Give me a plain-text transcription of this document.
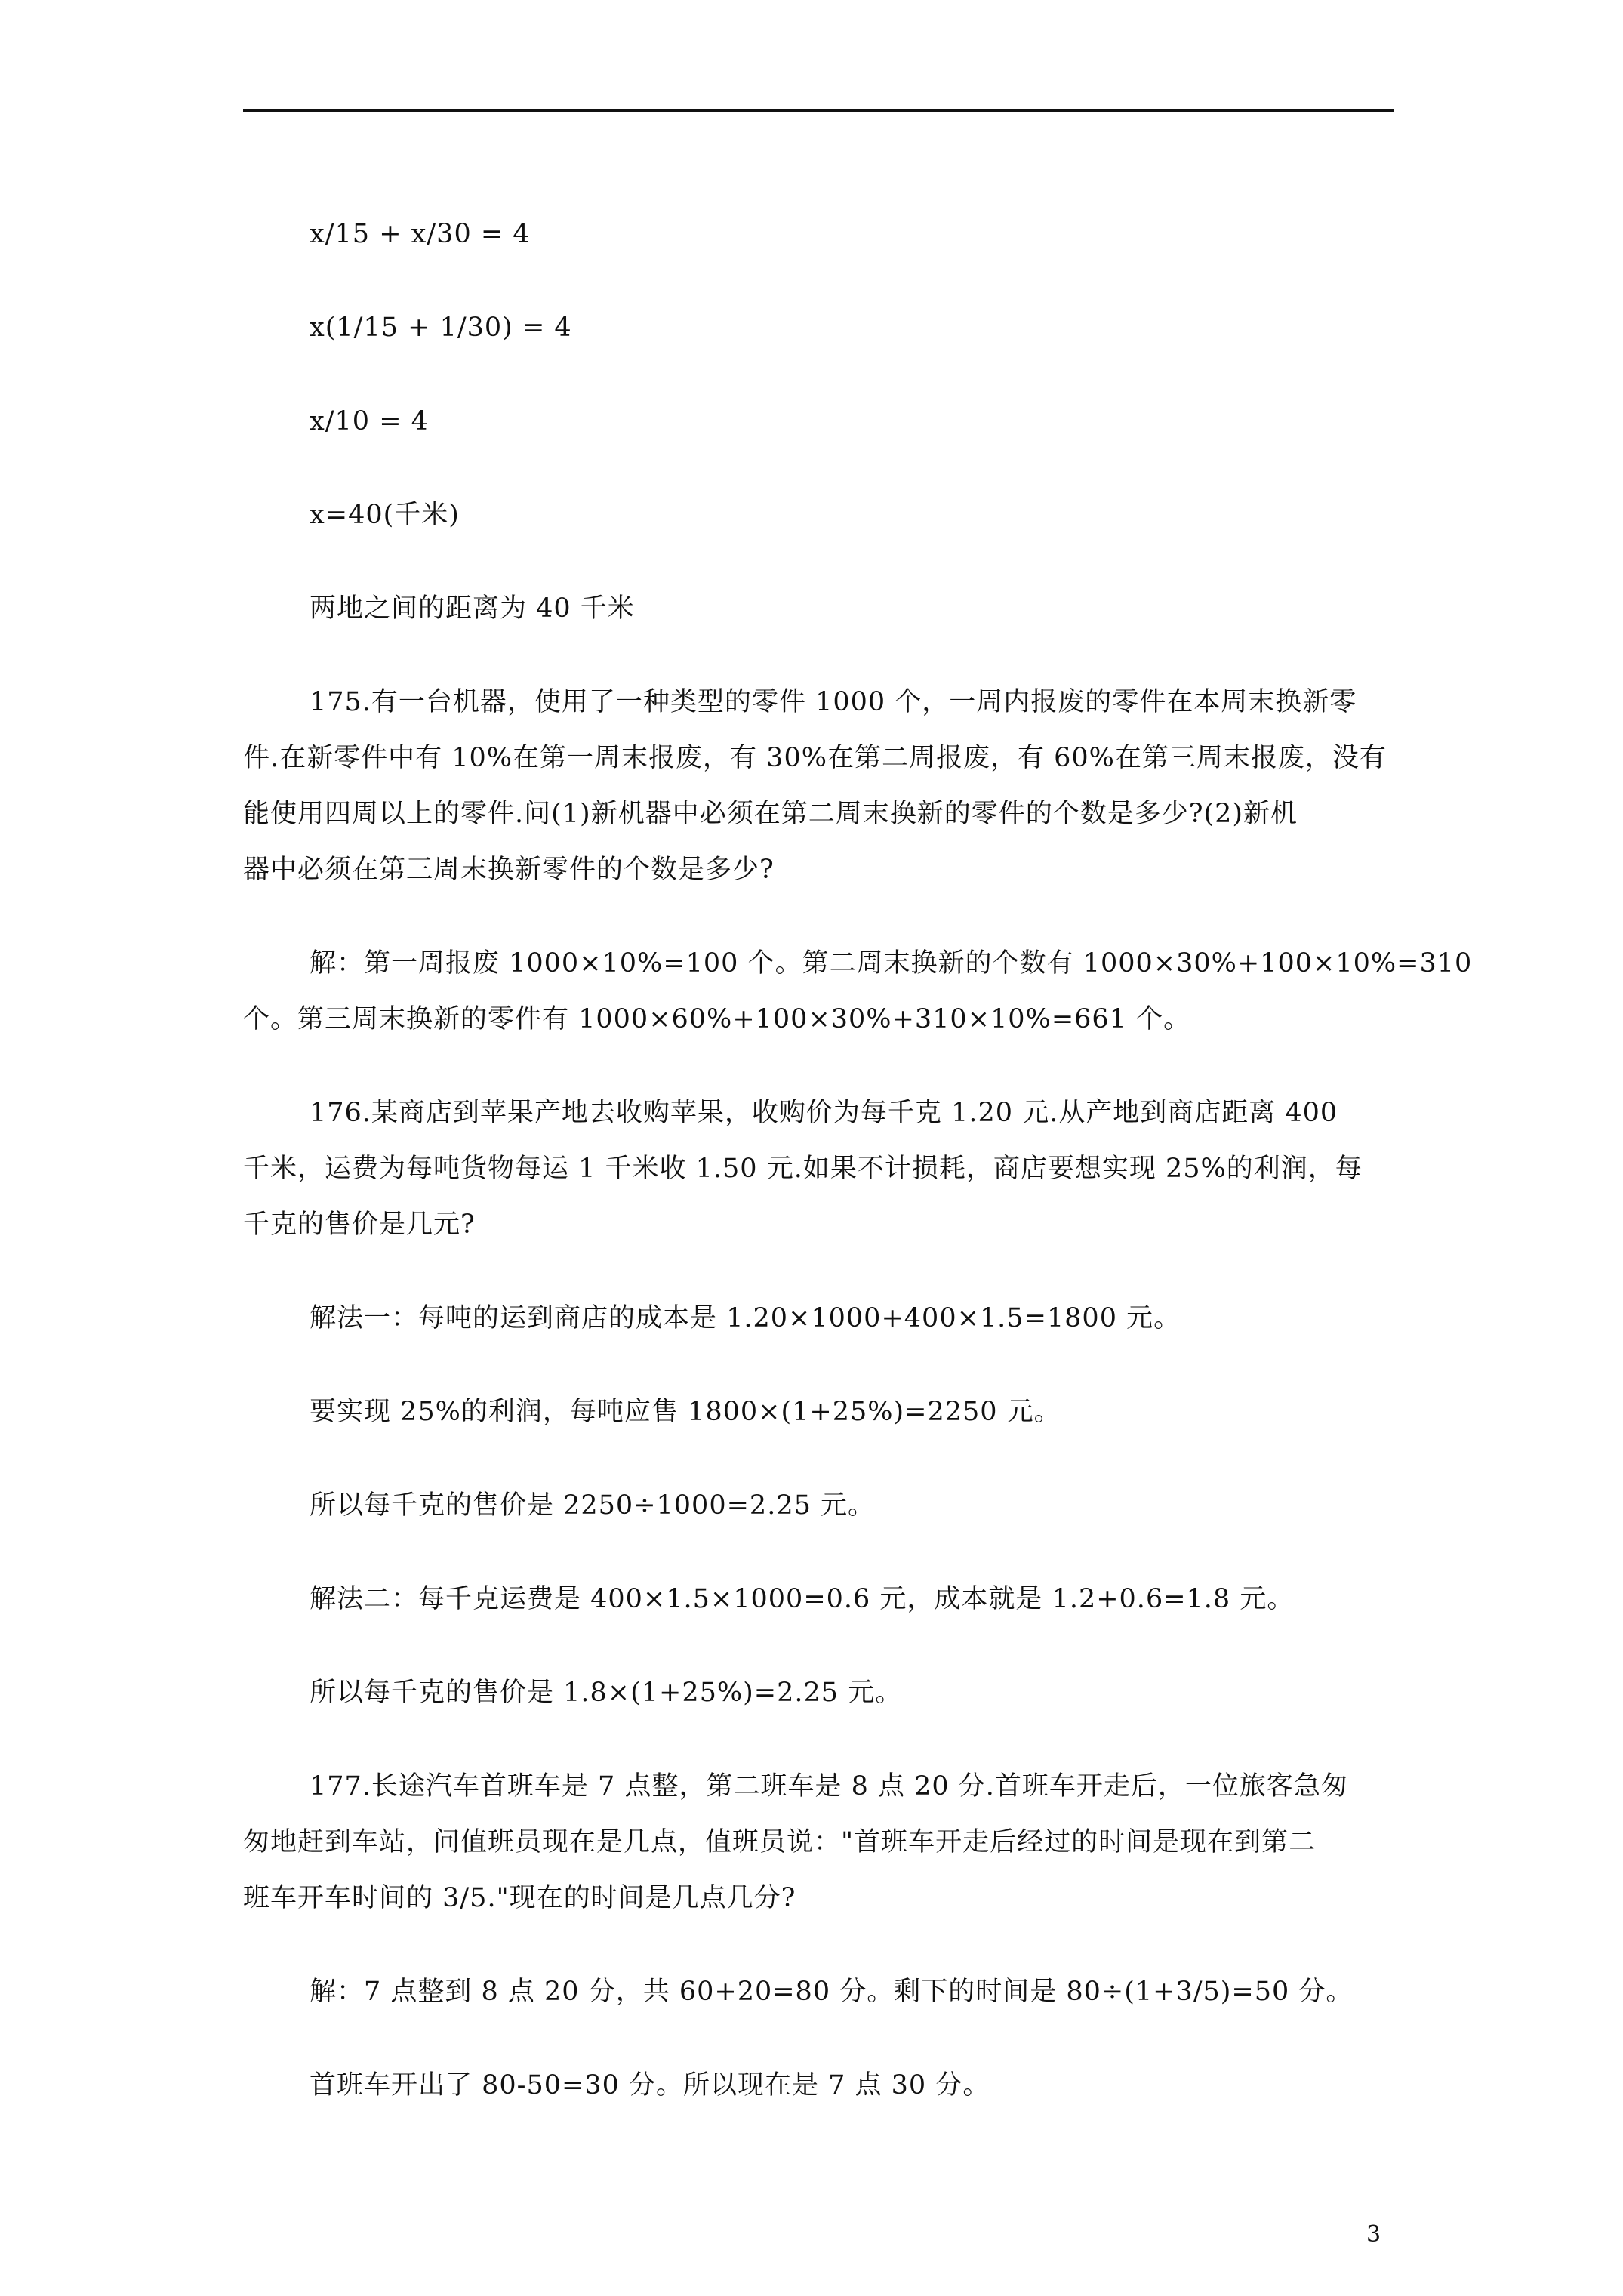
x/15 + x/30 = 4
x(1/15 + 1/30) = 4
x/10 = 4
x=40(千米)
两地之间的距离为 40 千米
175.有一台机器，使用了一种类型的零件 1000 个，一周内报废的零件在本周末换新零
件.在新零件中有 10%在第一周末报废，有 30%在第二周报废，有 60%在第三周末报废，没有
能使用四周以上的零件.问(1)新机器中必须在第二周末换新的零件的个数是多少?(2)新机
器中必须在第三周末换新零件的个数是多少?
解：第一周报废 1000×10%=100 个。第二周末换新的个数有 1000×30%+100×10%=310
个。第三周末换新的零件有 1000×60%+100×30%+310×10%=661 个。
176.某商店到苹果产地去收购苹果，收购价为每千克 1.20 元.从产地到商店距离 400
千米，运费为每吨货物每运 1 千米收 1.50 元.如果不计损耗，商店要想实现 25%的利润，每
千克的售价是几元?
解法一：每吨的运到商店的成本是 1.20×1000+400×1.5=1800 元。
要实现 25%的利润，每吨应售 1800×(1+25%)=2250 元。
所以每千克的售价是 2250÷1000=2.25 元。
解法二：每千克运费是 400×1.5×1000=0.6 元，成本就是 1.2+0.6=1.8 元。
所以每千克的售价是 1.8×(1+25%)=2.25 元。
177.长途汽车首班车是 7 点整，第二班车是 8 点 20 分.首班车开走后，一位旅客急匆
匆地赶到车站，问值班员现在是几点，值班员说："首班车开走后经过的时间是现在到第二
班车开车时间的 3/5."现在的时间是几点几分?
解：7 点整到 8 点 20 分，共 60+20=80 分。剩下的时间是 80÷(1+3/5)=50 分。
首班车开出了 80-50=30 分。所以现在是 7 点 30 分。
3
